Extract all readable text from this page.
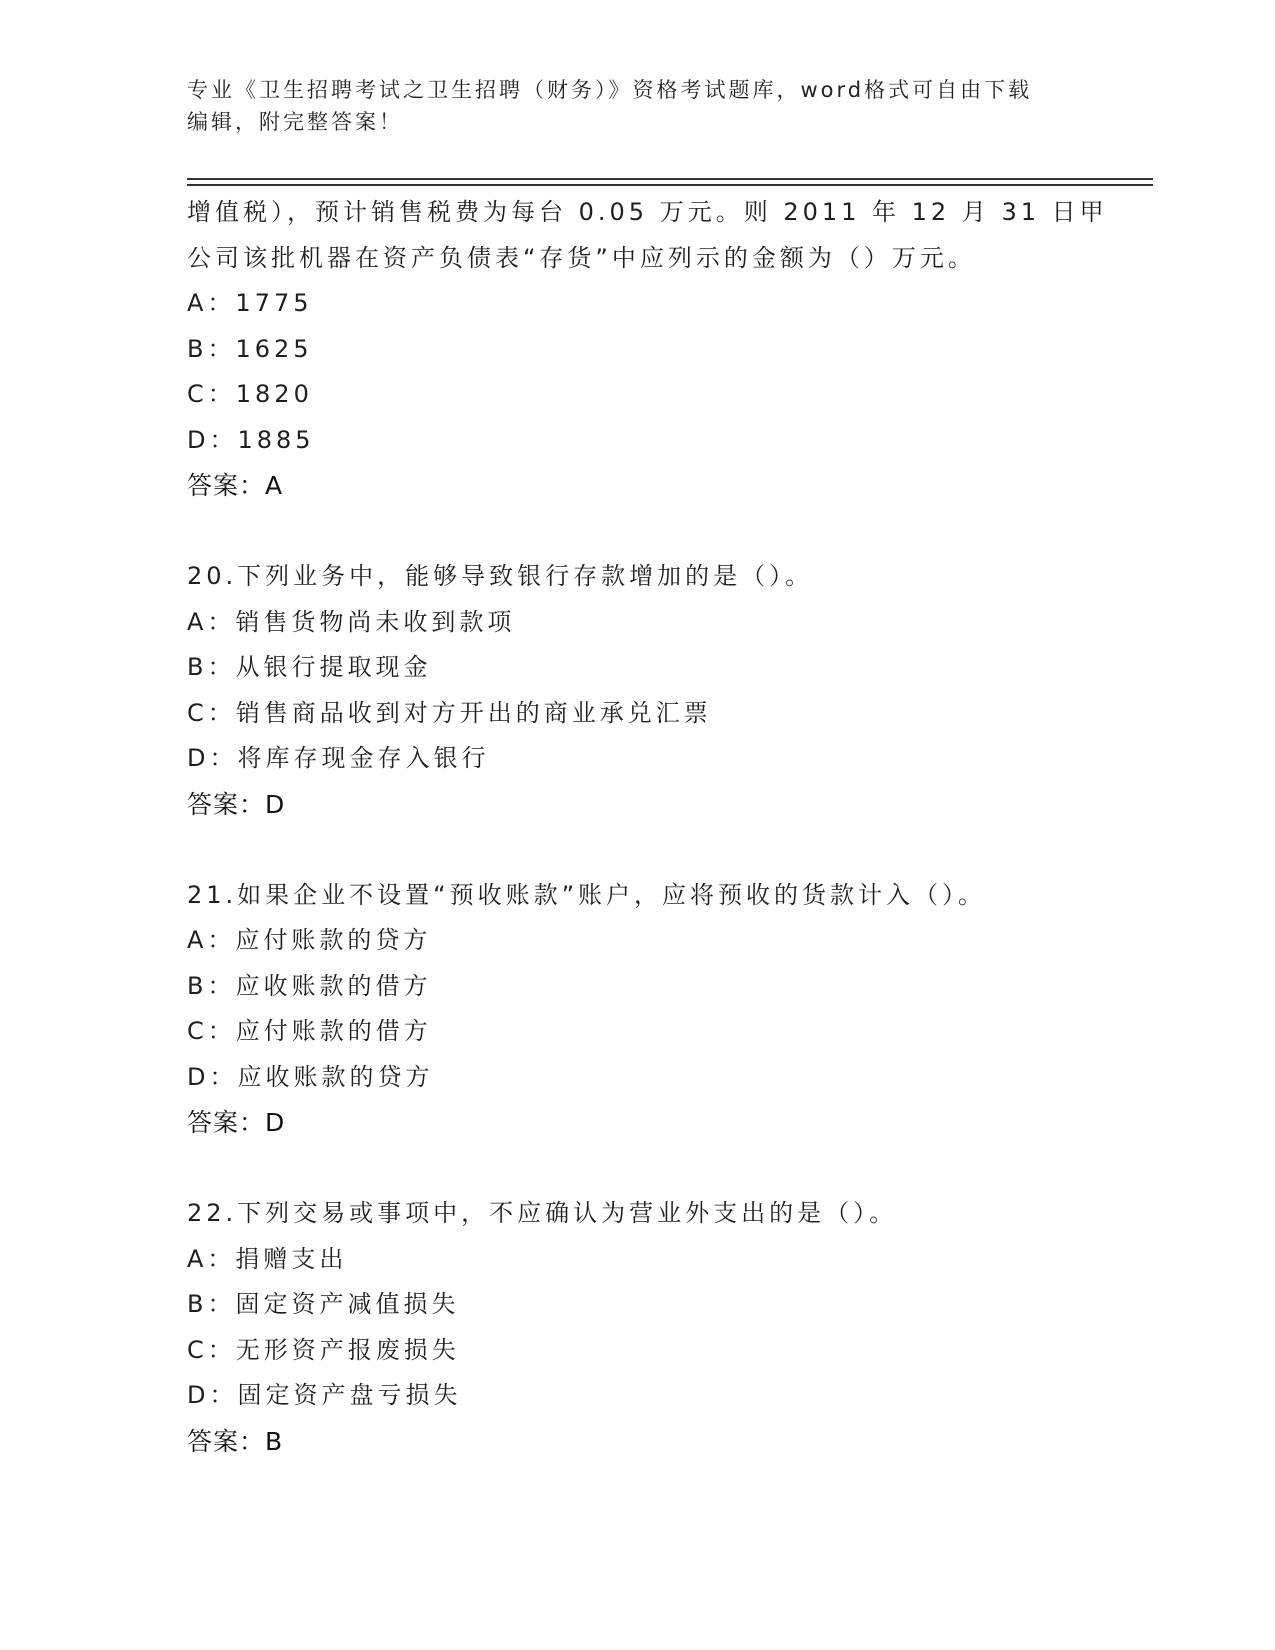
专业《卫生招聘考试之卫生招聘（财务）》资格考试题库，word格式可自由下载
编辑，附完整答案！
增值税），预计销售税费为每台 0.05 万元。则 2011 年 12 月 31 日甲
公司该批机器在资产负债表“存货”中应列示的金额为（）万元。
A：1775
B：1625
C：1820
D：1885
答案：A
20.下列业务中，能够导致银行存款增加的是（）。
A：销售货物尚未收到款项
B：从银行提取现金
C：销售商品收到对方开出的商业承兑汇票
D：将库存现金存入银行
答案：D
21.如果企业不设置“预收账款”账户，应将预收的货款计入（）。
A：应付账款的贷方
B：应收账款的借方
C：应付账款的借方
D：应收账款的贷方
答案：D
22.下列交易或事项中，不应确认为营业外支出的是（）。
A：捐赠支出
B：固定资产减值损失
C：无形资产报废损失
D：固定资产盘亏损失
答案：B
